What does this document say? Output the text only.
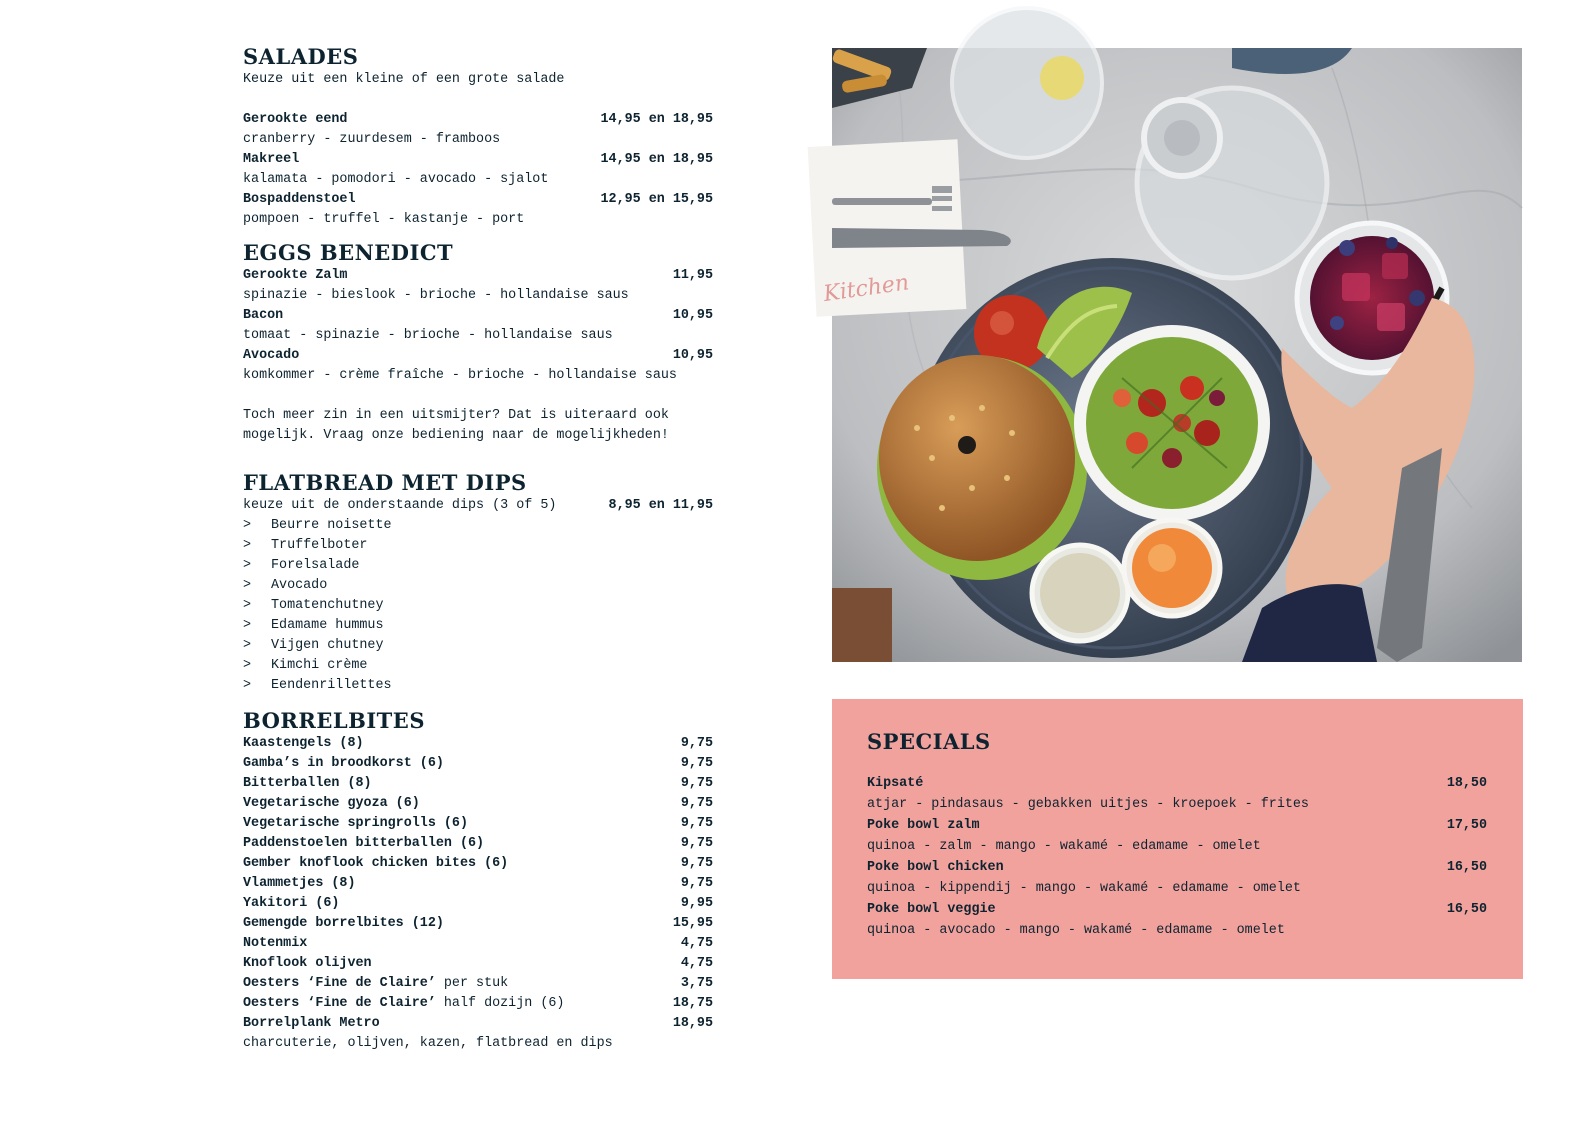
SALADES
Keuze uit een kleine of een grote salade
Gerookte eend	14,95 en 18,95
cranberry - zuurdesem - framboos
Makreel	14,95 en 18,95
kalamata - pomodori - avocado - sjalot
Bospaddenstoel	12,95 en 15,95
pompoen - truffel - kastanje - port
EGGS BENEDICT
Gerookte Zalm	11,95
spinazie - bieslook - brioche - hollandaise saus
Bacon	10,95
tomaat - spinazie - brioche - hollandaise saus
Avocado	10,95
komkommer - crème fraîche - brioche - hollandaise saus
Toch meer zin in een uitsmijter? Dat is uiteraard ook
mogelijk. Vraag onze bediening naar de mogelijkheden!
FLATBREAD MET DIPS
keuze uit de onderstaande dips (3 of 5)	8,95 en 11,95
> Beurre noisette
> Truffelboter
> Forelsalade
> Avocado
> Tomatenchutney
> Edamame hummus
> Vijgen chutney
> Kimchi crème
> Eendenrillettes
BORRELBITES
Kaastengels (8)	9,75
Gamba’s in broodkorst (6)	9,75
Bitterballen (8)	9,75
Vegetarische gyoza (6)	9,75
Vegetarische springrolls (6)	9,75
Paddenstoelen bitterballen (6)	9,75
Gember knoflook chicken bites (6)	9,75
Vlammetjes (8)	9,75
Yakitori (6)	9,95
Gemengde borrelbites (12)	15,95
Notenmix	4,75
Knoflook olijven	4,75
Oesters ‘Fine de Claire’ per stuk	3,75
Oesters ‘Fine de Claire’ half dozijn (6)	18,75
Borrelplank Metro	18,95
charcuterie, olijven, kazen, flatbread en dips
Kitchen
SPECIALS
Kipsaté	18,50
atjar - pindasaus - gebakken uitjes - kroepoek - frites
Poke bowl zalm	17,50
quinoa - zalm - mango - wakamé - edamame - omelet
Poke bowl chicken	16,50
quinoa - kippendij - mango - wakamé - edamame - omelet
Poke bowl veggie	16,50
quinoa - avocado - mango - wakamé - edamame - omelet
